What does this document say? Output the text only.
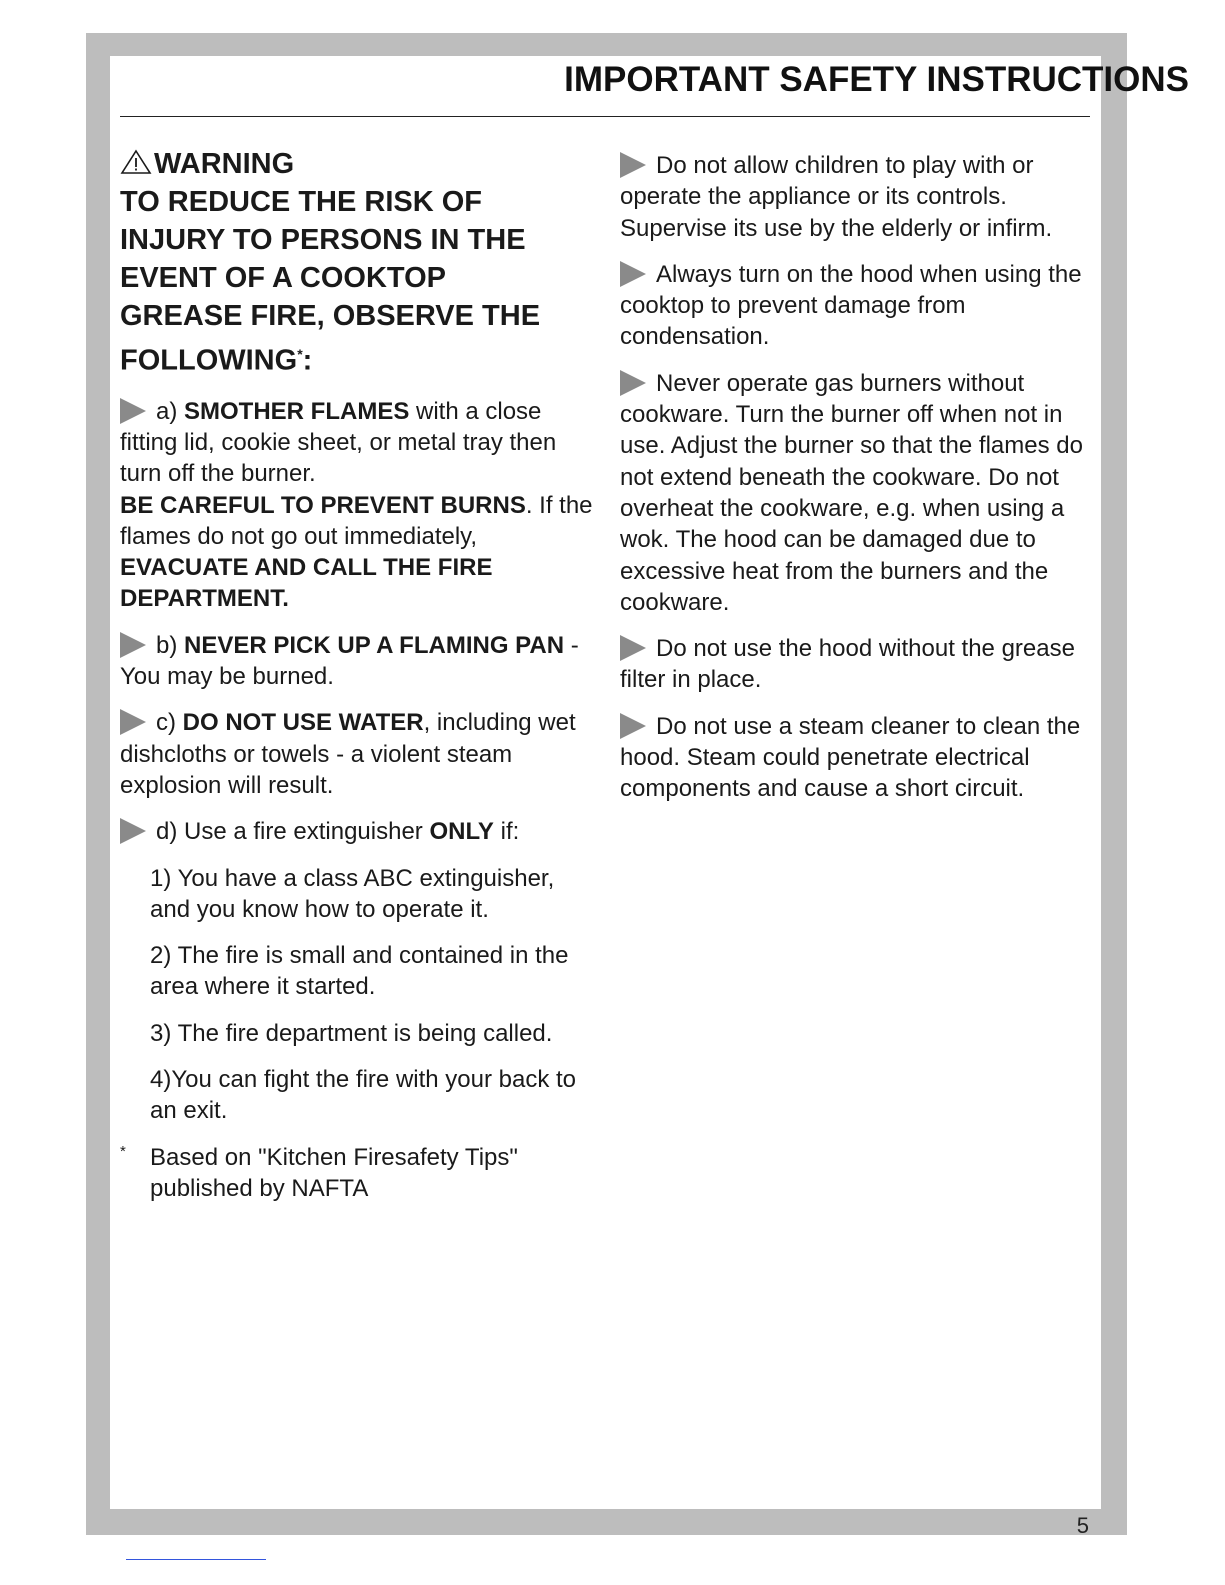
IMPORTANT SAFETY INSTRUCTIONS
WARNING
TO REDUCE THE RISK OF
INJURY TO PERSONS IN THE
EVENT OF A COOKTOP
GREASE FIRE, OBSERVE THE
FOLLOWING*:

a) SMOTHER FLAMES with a close fitting lid, cookie sheet, or metal tray then turn off the burner.
BE CAREFUL TO PREVENT BURNS. If the flames do not go out immediately, EVACUATE AND CALL THE FIRE DEPARTMENT.

b) NEVER PICK UP A FLAMING PAN - You may be burned.

c) DO NOT USE WATER, including wet dishcloths or towels - a violent steam explosion will result.

d) Use a fire extinguisher ONLY if:

1) You have a class ABC extinguisher, and you know how to operate it.

2) The fire is small and contained in the area where it started.

3) The fire department is being called.

4)You can fight the fire with your back to an exit.

* Based on "Kitchen Firesafety Tips" published by NAFTA

Do not allow children to play with or operate the appliance or its controls. Supervise its use by the elderly or infirm.

Always turn on the hood when using the cooktop to prevent damage from condensation.

Never operate gas burners without cookware. Turn the burner off when not in use. Adjust the burner so that the flames do not extend beneath the cookware. Do not overheat the cookware, e.g. when using a wok. The hood can be damaged due to excessive heat from the burners and the cookware.

Do not use the hood without the grease filter in place.

Do not use a steam cleaner to clean the hood. Steam could penetrate electrical components and cause a short circuit.

5
